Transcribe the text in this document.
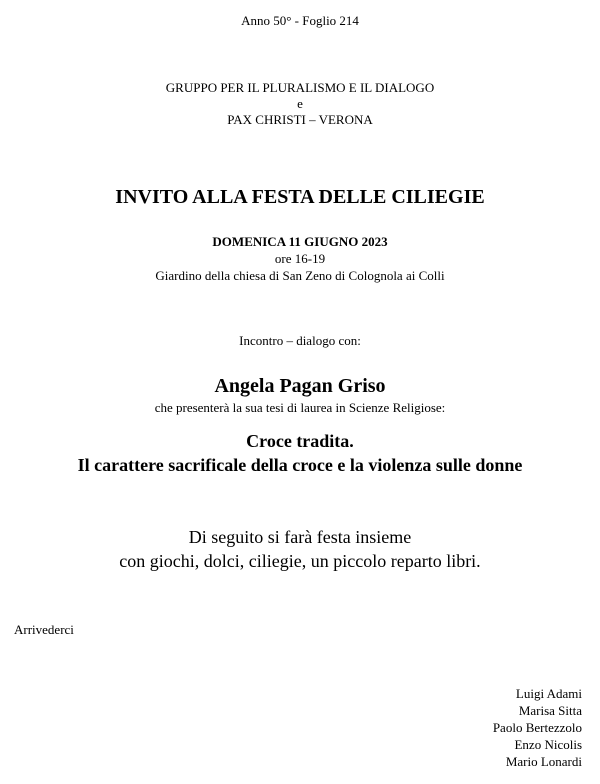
Anno 50° - Foglio 214
GRUPPO PER IL PLURALISMO E IL DIALOGO
e
PAX CHRISTI – VERONA
INVITO ALLA FESTA DELLE CILIEGIE
DOMENICA 11 GIUGNO 2023
ore 16-19
Giardino della chiesa di San Zeno di Colognola ai Colli
Incontro – dialogo con:
Angela Pagan Griso
che presenterà la sua tesi di laurea in Scienze Religiose:
Croce tradita.
Il carattere sacrificale della croce e la violenza sulle donne
Di seguito si farà festa insieme
con giochi, dolci, ciliegie, un piccolo reparto libri.
Arrivederci
Luigi Adami
Marisa Sitta
Paolo Bertezzolo
Enzo Nicolis
Mario Lonardi
